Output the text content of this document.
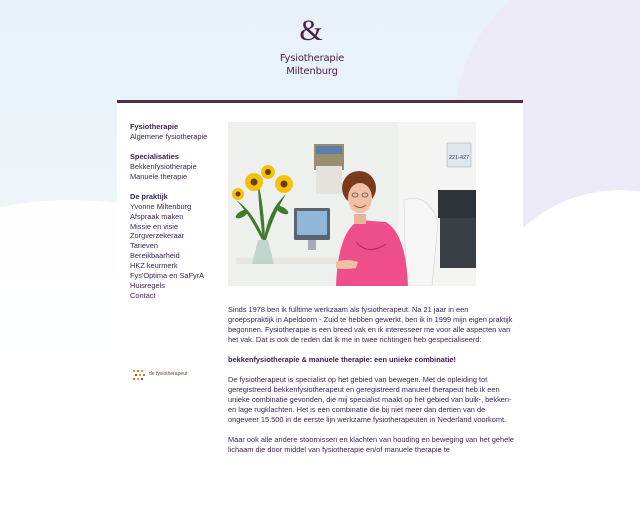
&
Fysiotherapie
Miltenburg
Fysiotherapie
Algemene fysiotherapie
Specialisaties
Bekkenfysiotherapie
Manuele therapie
De praktijk
Yvonne Miltenburg
Afspraak maken
Missie en visie
Zorgverzekeraar
Tarieven
Bereikbaarheid
HKZ keurmerk
Fys'Optima en SaFyrA
Huisregels
Contact
221-427

Sinds 1978 ben ik fulltime werkzaam als fysiotherapeut. Na 21 jaar in een groepspraktijk in Apeldoorn - Zuid te hebben gewerkt, ben ik in 1999 mijn eigen praktijk begonnen. Fysiotherapie is een breed vak en ik interesseer me voor alle aspecten van het vak. Dat is ook de reden dat ik me in twee richtingen heb gespecialiseerd:

bekkenfysiotherapie & manuele therapie: een unieke combinatie!

De fysiotherapeut is specialist op het gebied van bewegen. Met de opleiding tot geregistreerd bekkenfysiotherapeut en geregistreerd manueel therapeut heb ik een unieke combinatie gevonden, die mij specialist maakt op het gebied van buik-, bekken- en lage rugklachten. Het is een combinatie die bij niet meer dan dertien van de ongeveer 15.500 in de eerste lijn werkzame fysiotherapeuten in Nederland voorkomt.

Maar ook alle andere stoornissen en klachten van houding en beweging van het gehele lichaam die door middel van fysiotherapie en/of manuele therapie te

de fysiotherapeut
